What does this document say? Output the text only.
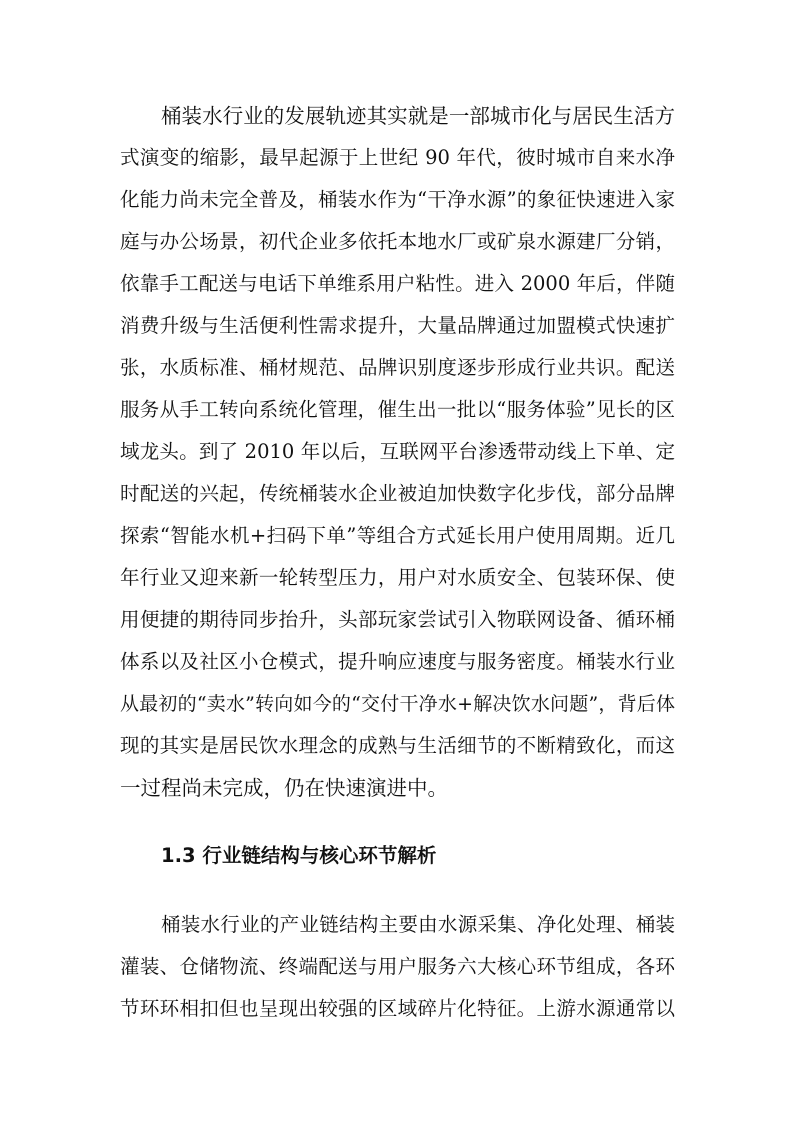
桶装水行业的发展轨迹其实就是一部城市化与居民生活方
式演变的缩影，最早起源于上世纪 90 年代，彼时城市自来水净
化能力尚未完全普及，桶装水作为“干净水源”的象征快速进入家
庭与办公场景，初代企业多依托本地水厂或矿泉水源建厂分销，
依靠手工配送与电话下单维系用户粘性。进入 2000 年后，伴随
消费升级与生活便利性需求提升，大量品牌通过加盟模式快速扩
张，水质标准、桶材规范、品牌识别度逐步形成行业共识。配送
服务从手工转向系统化管理，催生出一批以“服务体验”见长的区
域龙头。到了 2010 年以后，互联网平台渗透带动线上下单、定
时配送的兴起，传统桶装水企业被迫加快数字化步伐，部分品牌
探索“智能水机+扫码下单”等组合方式延长用户使用周期。近几
年行业又迎来新一轮转型压力，用户对水质安全、包装环保、使
用便捷的期待同步抬升，头部玩家尝试引入物联网设备、循环桶
体系以及社区小仓模式，提升响应速度与服务密度。桶装水行业
从最初的“卖水”转向如今的“交付干净水+解决饮水问题”，背后体
现的其实是居民饮水理念的成熟与生活细节的不断精致化，而这
一过程尚未完成，仍在快速演进中。
1.3 行业链结构与核心环节解析
桶装水行业的产业链结构主要由水源采集、净化处理、桶装
灌装、仓储物流、终端配送与用户服务六大核心环节组成，各环
节环环相扣但也呈现出较强的区域碎片化特征。上游水源通常以
